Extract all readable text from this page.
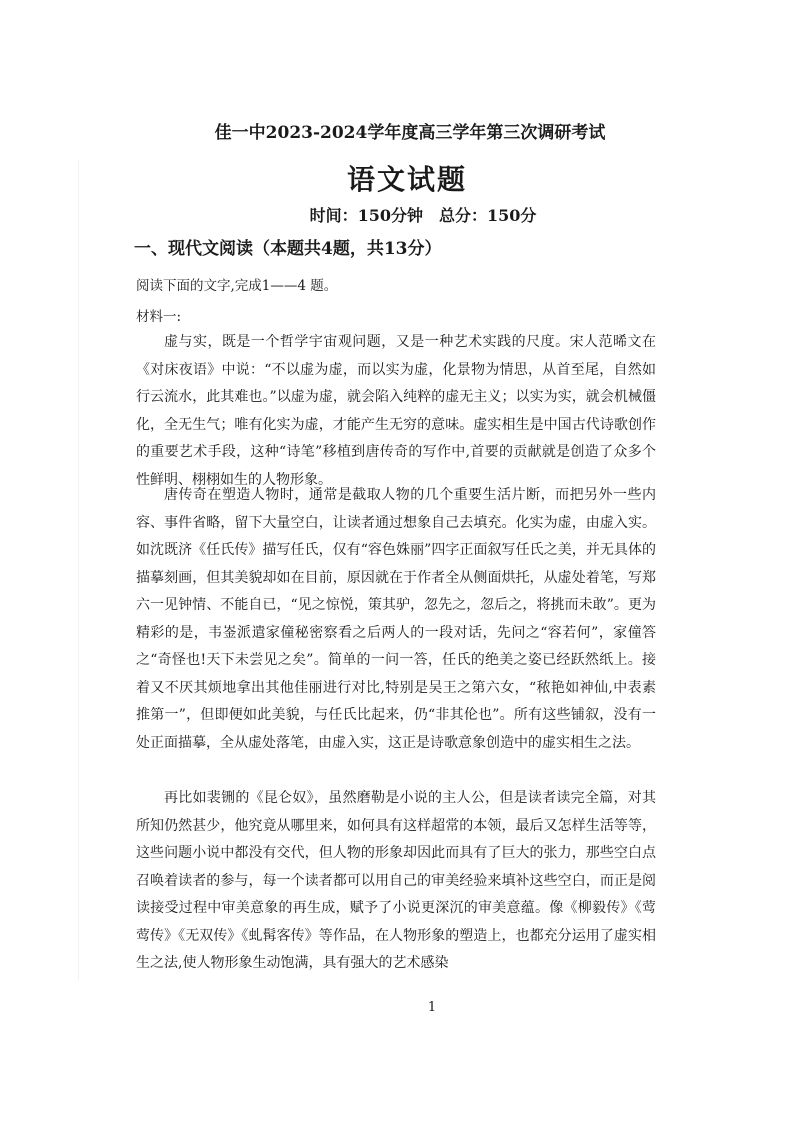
佳一中2023-2024学年度高三学年第三次调研考试
语文试题
时间：150分钟　总分：150分
一、现代文阅读（本题共4题，共13分）
阅读下面的文字,完成1——4 题。
材料一:

虚与实，既是一个哲学宇宙观问题，又是一种艺术实践的尺度。宋人范晞文在《对床夜语》中说：“不以虚为虚，而以实为虚，化景物为情思，从首至尾，自然如行云流水，此其难也。”以虚为虚，就会陷入纯粹的虚无主义；以实为实，就会机械僵化，全无生气；唯有化实为虚，才能产生无穷的意味。虚实相生是中国古代诗歌创作的重要艺术手段，这种“诗笔”移植到唐传奇的写作中,首要的贡献就是创造了众多个性鲜明、栩栩如生的人物形象。

唐传奇在塑造人物时，通常是截取人物的几个重要生活片断，而把另外一些内容、事件省略，留下大量空白，让读者通过想象自己去填充。化实为虚，由虚入实。如沈既济《任氏传》描写任氏，仅有“容色姝丽”四字正面叙写任氏之美，并无具体的描摹刻画，但其美貌却如在目前，原因就在于作者全从侧面烘托，从虚处着笔，写郑六一见钟情、不能自已，“见之惊悦，策其驴，忽先之，忽后之，将挑而未敢”。更为精彩的是，韦崟派遣家僮秘密察看之后两人的一段对话，先问之“容若何”，家僮答之“奇怪也!天下未尝见之矣”。简单的一问一答，任氏的绝美之姿已经跃然纸上。接着又不厌其烦地拿出其他佳丽进行对比,特别是吴王之第六女，“秾艳如神仙,中表素推第一”，但即便如此美貌，与任氏比起来，仍“非其伦也”。所有这些铺叙，没有一处正面描摹，全从虚处落笔，由虚入实，这正是诗歌意象创造中的虚实相生之法。

再比如裴铏的《昆仑奴》，虽然磨勒是小说的主人公，但是读者读完全篇，对其所知仍然甚少，他究竟从哪里来，如何具有这样超常的本领，最后又怎样生活等等，这些问题小说中都没有交代，但人物的形象却因此而具有了巨大的张力，那些空白点召唤着读者的参与，每一个读者都可以用自己的审美经验来填补这些空白，而正是阅读接受过程中审美意象的再生成，赋予了小说更深沉的审美意蕴。像《柳毅传》《莺莺传》《无双传》《虬髯客传》等作品，在人物形象的塑造上，也都充分运用了虚实相生之法,使人物形象生动饱满，具有强大的艺术感染

1
